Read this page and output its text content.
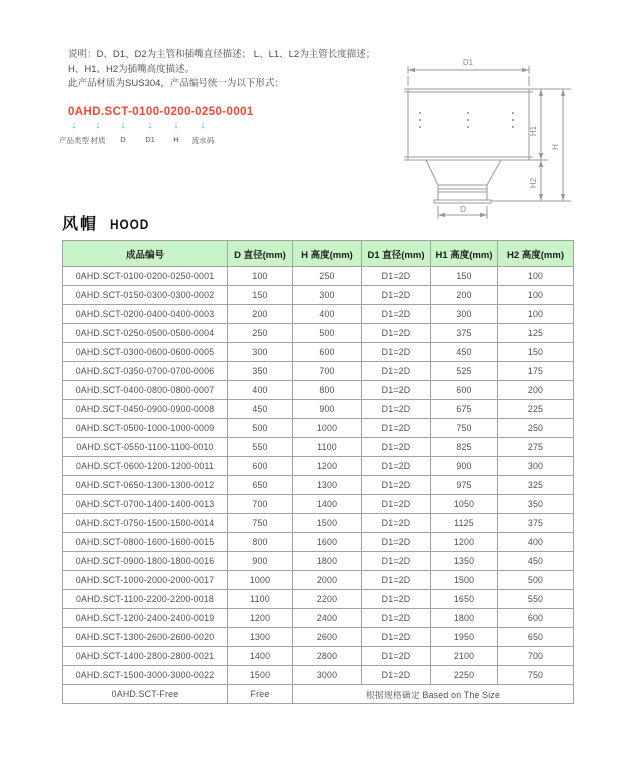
说明：D、D1、D2为主管和插嘴直径描述； L、L1、L2为主管长度描述；
H、H1、H2为插嘴高度描述。
此产品材质为SUS304，产品编号统一为以下形式：
0AHD.SCT-0100-0200-0250-0001
↓
产品类型
↓
材质
↓
D
↓
D1
↓
H
↓
流水码
D1
H1
H2
H
D
风帽 HOOD
成品编号	D 直径(mm)	H 高度(mm)	D1 直径(mm)	H1 高度(mm)	H2 高度(mm)
0AHD.SCT-0100-0200-0250-0001	100	250	D1=2D	150	100
0AHD.SCT-0150-0300-0300-0002	150	300	D1=2D	200	100
0AHD.SCT-0200-0400-0400-0003	200	400	D1=2D	300	100
0AHD.SCT-0250-0500-0500-0004	250	500	D1=2D	375	125
0AHD.SCT-0300-0600-0600-0005	300	600	D1=2D	450	150
0AHD.SCT-0350-0700-0700-0006	350	700	D1=2D	525	175
0AHD.SCT-0400-0800-0800-0007	400	800	D1=2D	600	200
0AHD.SCT-0450-0900-0900-0008	450	900	D1=2D	675	225
0AHD.SCT-0500-1000-1000-0009	500	1000	D1=2D	750	250
0AHD.SCT-0550-1100-1100-0010	550	1100	D1=2D	825	275
0AHD.SCT-0600-1200-1200-0011	600	1200	D1=2D	900	300
0AHD.SCT-0650-1300-1300-0012	650	1300	D1=2D	975	325
0AHD.SCT-0700-1400-1400-0013	700	1400	D1=2D	1050	350
0AHD.SCT-0750-1500-1500-0014	750	1500	D1=2D	1125	375
0AHD.SCT-0800-1600-1600-0015	800	1600	D1=2D	1200	400
0AHD.SCT-0900-1800-1800-0016	900	1800	D1=2D	1350	450
0AHD.SCT-1000-2000-2000-0017	1000	2000	D1=2D	1500	500
0AHD.SCT-1100-2200-2200-0018	1100	2200	D1=2D	1650	550
0AHD.SCT-1200-2400-2400-0019	1200	2400	D1=2D	1800	600
0AHD.SCT-1300-2600-2600-0020	1300	2600	D1=2D	1950	650
0AHD.SCT-1400-2800-2800-0021	1400	2800	D1=2D	2100	700
0AHD.SCT-1500-3000-3000-0022	1500	3000	D1=2D	2250	750
0AHD.SCT-Free	Free	根据规格确定 Based on The Size			
